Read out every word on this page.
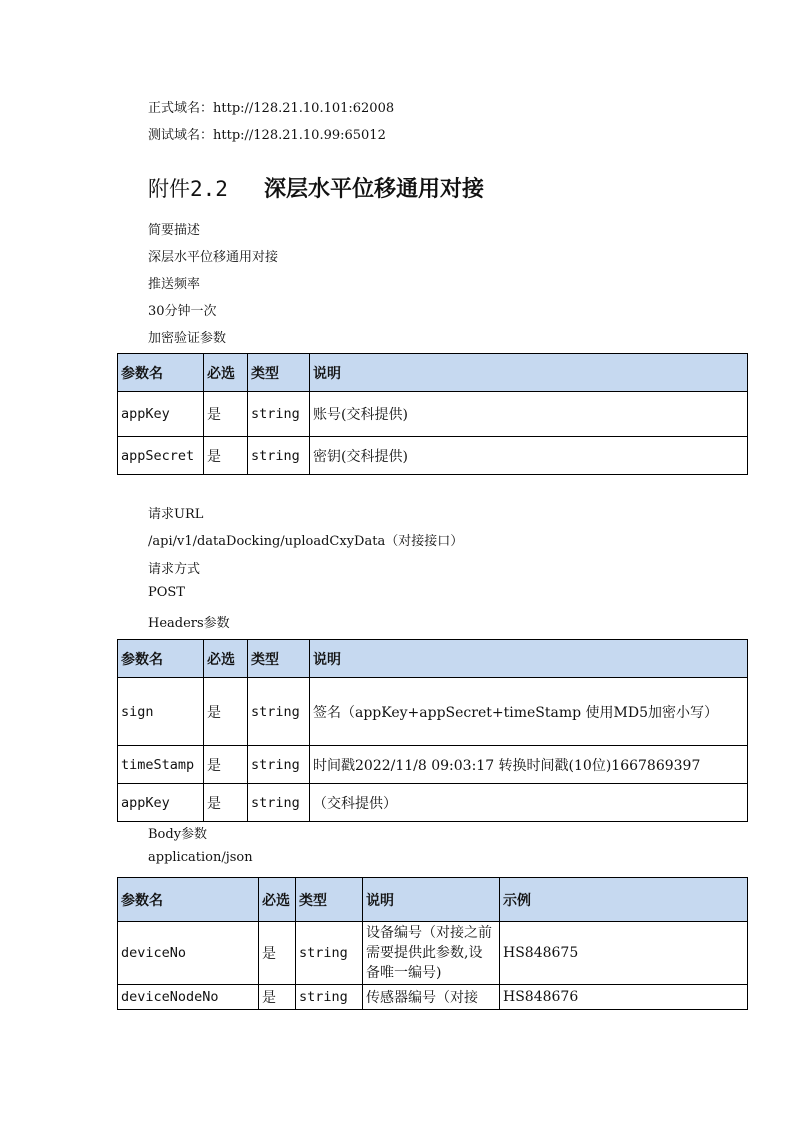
正式域名：http://128.21.10.101:62008
测试域名：http://128.21.10.99:65012
附件2.2 深层水平位移通用对接
简要描述
深层水平位移通用对接
推送频率
30分钟一次
加密验证参数
参数名	必选	类型	说明
appKey	是	string	账号(交科提供)
appSecret	是	string	密钥(交科提供)
请求URL
/api/v1/dataDocking/uploadCxyData（对接接口）
请求方式
POST
Headers参数
参数名	必选	类型	说明
sign	是	string	签名（appKey+appSecret+timeStamp 使用MD5加密小写）
timeStamp	是	string	时间戳2022/11/8 09:03:17 转换时间戳(10位)1667869397
appKey	是	string	（交科提供）
Body参数
application/json
参数名	必选	类型	说明	示例
deviceNo	是	string	设备编号（对接之前需要提供此参数,设备唯一编号)	HS848675
deviceNodeNo	是	string	传感器编号（对接	HS848676
